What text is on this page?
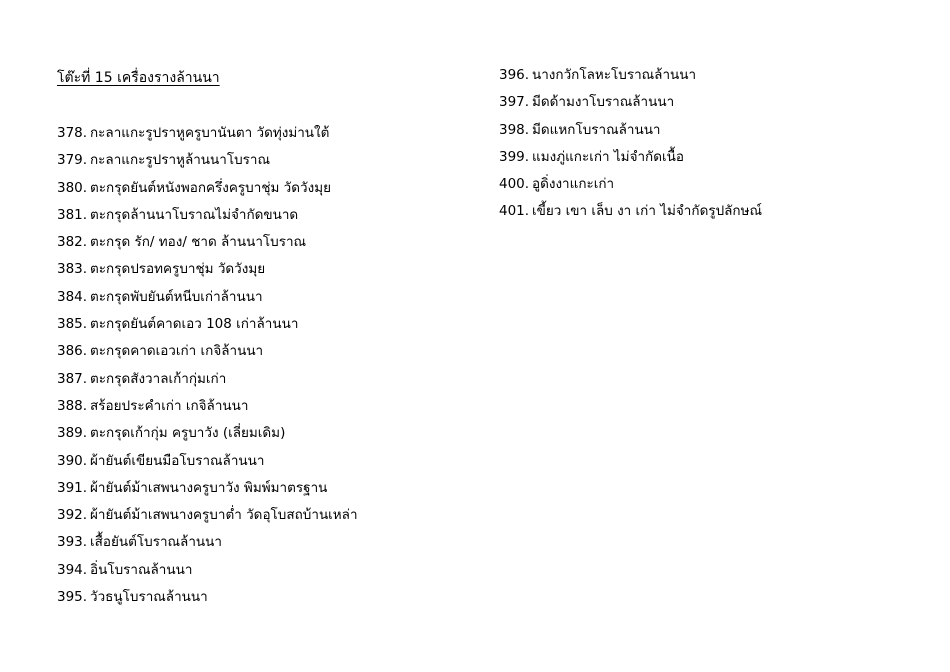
โต๊ะที่ 15 เครื่องรางล้านนา
378. กะลาแกะรูปราหูครูบานันตา วัดทุ่งม่านใต้
379. กะลาแกะรูปราหูล้านนาโบราณ
380. ตะกรุดยันต์หนังพอกครึ่งครูบาชุ่ม วัดวังมุย
381. ตะกรุดล้านนาโบราณไม่จำกัดขนาด
382. ตะกรุด รัก/ ทอง/ ชาด ล้านนาโบราณ
383. ตะกรุดปรอทครูบาชุ่ม วัดวังมุย
384. ตะกรุดพับยันต์หนีบเก่าล้านนา
385. ตะกรุดยันต์คาดเอว 108 เก่าล้านนา
386. ตะกรุดคาดเอวเก่า เกจิล้านนา
387. ตะกรุดสังวาลเก้ากุ่มเก่า
388. สร้อยประคำเก่า เกจิล้านนา
389. ตะกรุดเก้ากุ่ม ครูบาวัง (เลี่ยมเดิม)
390. ผ้ายันต์เขียนมือโบราณล้านนา
391. ผ้ายันต์ม้าเสพนางครูบาวัง พิมพ์มาตรฐาน
392. ผ้ายันต์ม้าเสพนางครูบาต่ำ วัดอุโบสถบ้านเหล่า
393. เสื้อยันต์โบราณล้านนา
394. อิ่นโบราณล้านนา
395. วัวธนูโบราณล้านนา
396. นางกวักโลหะโบราณล้านนา
397. มีดด้ามงาโบราณล้านนา
398. มีดแหกโบราณล้านนา
399. แมงภู่แกะเก่า ไม่จำกัดเนื้อ
400. อูดิ่งงาแกะเก่า
401. เขี้ยว เขา เล็บ งา เก่า ไม่จำกัดรูปลักษณ์
